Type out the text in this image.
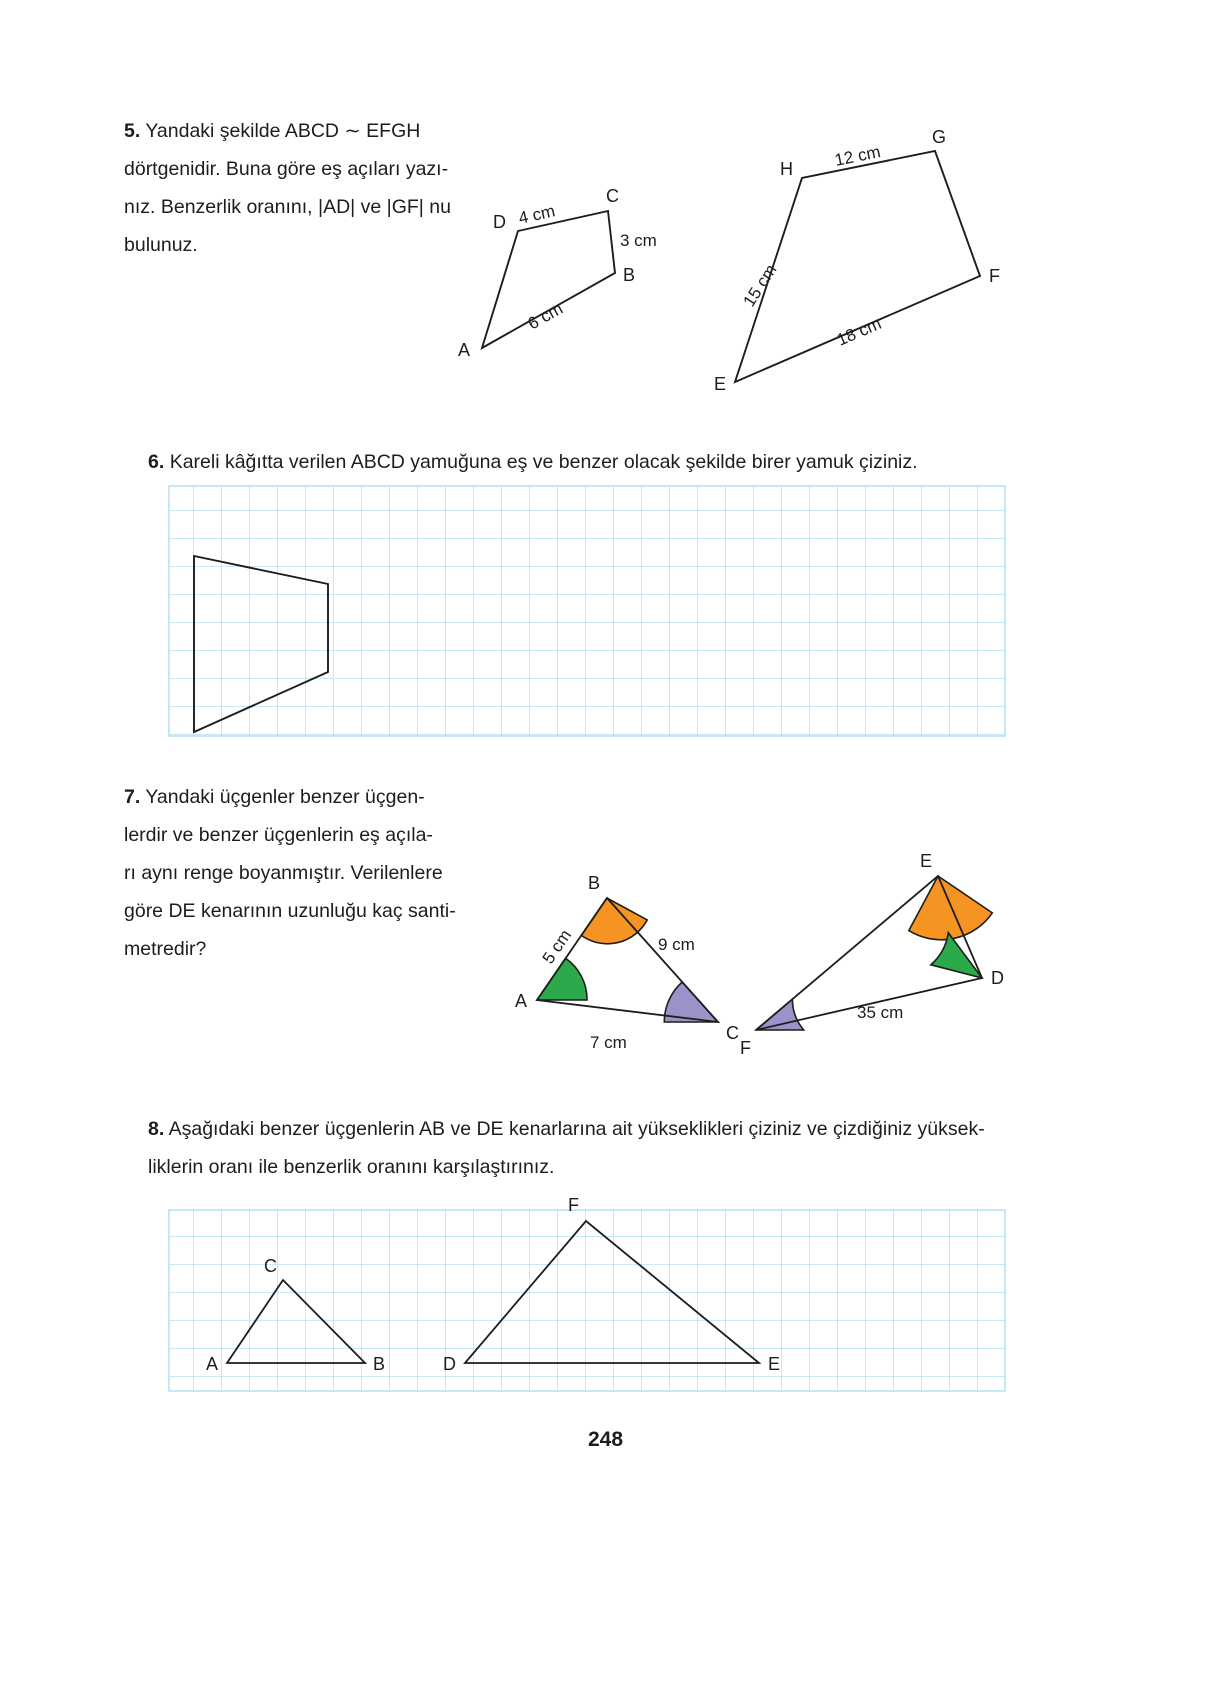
5. Yandaki şekilde ABCD ∼ EFGH

dörtgenidir. Buna göre eş açıları yazı-

nız. Benzerlik oranını, |AD| ve |GF| nu

bulunuz.

A
B
C
D 4 cm
3 cm
6 cm
E
F
G
H 12 cm
15 cm
18 cm

6. Kareli kâğıtta verilen ABCD yamuğuna eş ve benzer olacak şekilde birer yamuk çiziniz.

7. Yandaki üçgenler benzer üçgen-

lerdir ve benzer üçgenlerin eş açıla-

rı aynı renge boyanmıştır. Verilenlere

göre DE kenarının uzunluğu kaç santi-

metredir?

A
B
C
5 cm	9 cm
7 cm	F
E
D
35 cm

8. Aşağıdaki benzer üçgenlerin AB ve DE kenarlarına ait yükseklikleri çiziniz ve çizdiğiniz yüksek-

liklerin oranı ile benzerlik oranını karşılaştırınız.

A	B
C
D	E
F
248
